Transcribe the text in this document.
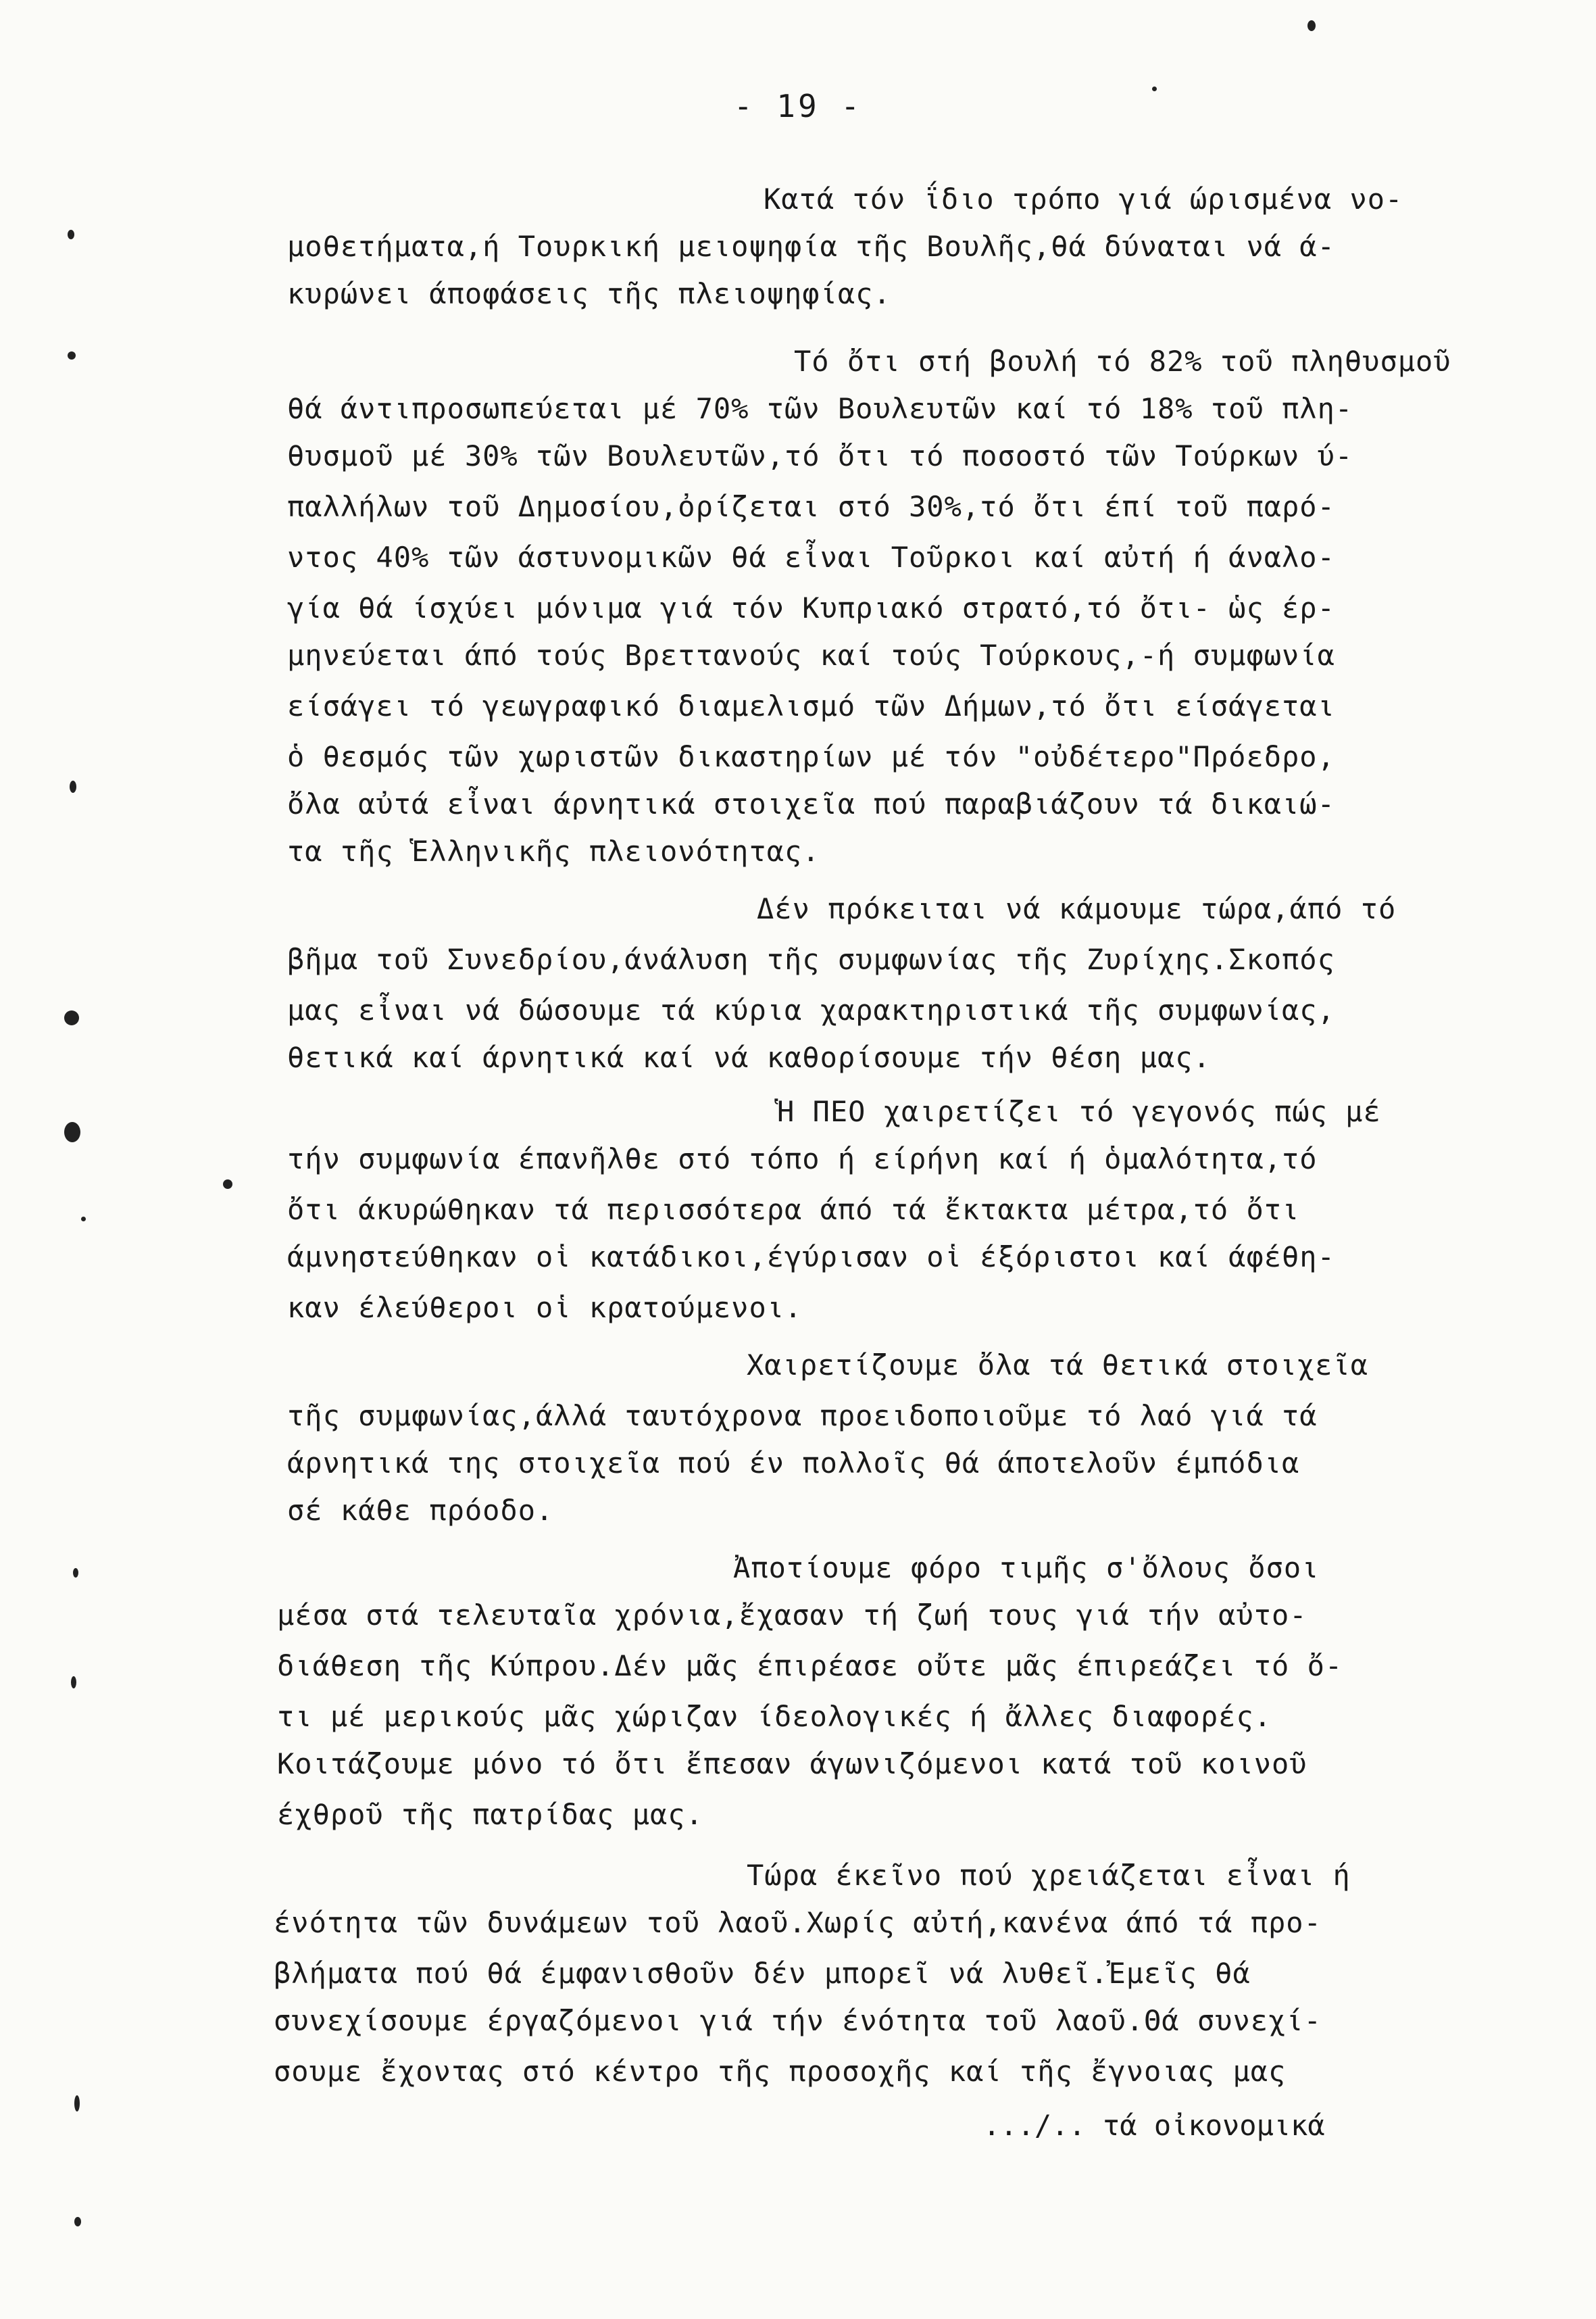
- 19 -
Κατά τόν ΐδιο τρόπο γιά ώρισμένα νο-
μοθετήματα,ή Τουρκική μειοψηφία τῆς Βουλῆς,θά δύναται νά ά-
κυρώνει άποφάσεις τῆς πλειοψηφίας.
Τό ὄτι στή βουλή τό 82% τοῦ πληθυσμοῦ
θά άντιπροσωπεύεται μέ 70% τῶν Βουλευτῶν καί τό 18% τοῦ πλη-
θυσμοῦ μέ 30% τῶν Βουλευτῶν,τό ὄτι τό ποσοστό τῶν Τούρκων ύ-
παλλήλων τοῦ Δημοσίου,ὀρίζεται στό 30%,τό ὄτι έπί τοῦ παρό-
ντος 40% τῶν άστυνομικῶν θά εἶναι Τοῦρκοι καί αὐτή ή άναλο-
γία θά ίσχύει μόνιμα γιά τόν Κυπριακό στρατό,τό ὄτι- ὡς έρ-
μηνεύεται άπό τούς Βρεττανούς καί τούς Τούρκους,-ή συμφωνία
είσάγει τό γεωγραφικό διαμελισμό τῶν Δήμων,τό ὄτι είσάγεται
ὁ θεσμός τῶν χωριστῶν δικαστηρίων μέ τόν "οὐδέτερο"Πρόεδρο,
ὄλα αὐτά εἶναι άρνητικά στοιχεῖα πού παραβιάζουν τά δικαιώ-
τα τῆς Ἑλληνικῆς πλειονότητας.
Δέν πρόκειται νά κάμουμε τώρα,άπό τό
βῆμα τοῦ Συνεδρίου,άνάλυση τῆς συμφωνίας τῆς Ζυρίχης.Σκοπός
μας εἶναι νά δώσουμε τά κύρια χαρακτηριστικά τῆς συμφωνίας,
θετικά καί άρνητικά καί νά καθορίσουμε τήν θέση μας.
Ἡ ΠΕΟ χαιρετίζει τό γεγονός πώς μέ
τήν συμφωνία έπανῆλθε στό τόπο ή είρήνη καί ή ὁμαλότητα,τό
ὄτι άκυρώθηκαν τά περισσότερα άπό τά ἔκτακτα μέτρα,τό ὄτι
άμνηστεύθηκαν οἱ κατάδικοι,έγύρισαν οἱ έξόριστοι καί άφέθη-
καν έλεύθεροι οἱ κρατούμενοι.
Χαιρετίζουμε ὄλα τά θετικά στοιχεῖα
τῆς συμφωνίας,άλλά ταυτόχρονα προειδοποιοῦμε τό λαό γιά τά
άρνητικά της στοιχεῖα πού έν πολλοῖς θά άποτελοῦν έμπόδια
σέ κάθε πρόοδο.
Ἀποτίουμε φόρο τιμῆς σ'ὄλους ὄσοι
μέσα στά τελευταῖα χρόνια,ἔχασαν τή ζωή τους γιά τήν αὐτο-
διάθεση τῆς Κύπρου.Δέν μᾶς έπιρέασε οὔτε μᾶς έπιρεάζει τό ὄ-
τι μέ μερικούς μᾶς χώριζαν ίδεολογικές ή ἄλλες διαφορές.
Κοιτάζουμε μόνο τό ὄτι ἔπεσαν άγωνιζόμενοι κατά τοῦ κοινοῦ
έχθροῦ τῆς πατρίδας μας.
Τώρα έκεῖνο πού χρειάζεται εἶναι ή
ένότητα τῶν δυνάμεων τοῦ λαοῦ.Χωρίς αὐτή,κανένα άπό τά προ-
βλήματα πού θά έμφανισθοῦν δέν μπορεῖ νά λυθεῖ.Ἐμεῖς θά
συνεχίσουμε έργαζόμενοι γιά τήν ένότητα τοῦ λαοῦ.Θά συνεχί-
σουμε ἔχοντας στό κέντρο τῆς προσοχῆς καί τῆς ἔγνοιας μας
.../.. τά οἰκονομικά
